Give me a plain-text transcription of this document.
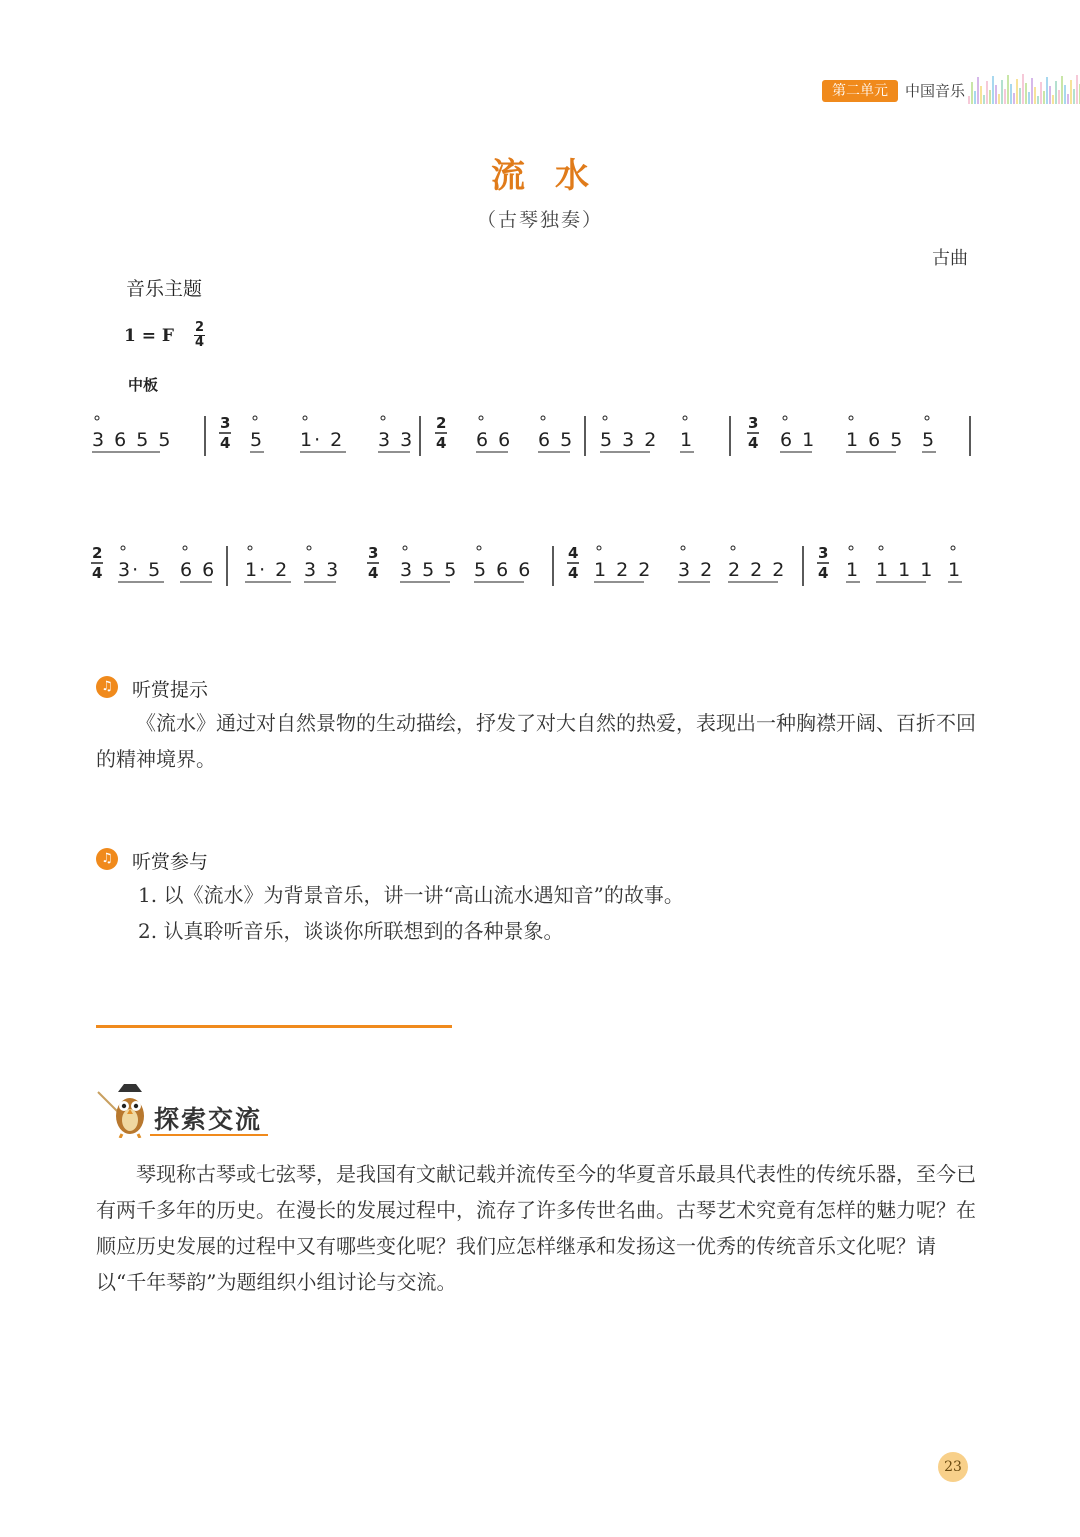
第二单元	中国音乐
流水
（古琴独奏）
古曲
音乐主题
1 = F $\frac{2}{4}$
中板
3 6 5 5
3
4 5 1· 2 3 3
2
4 6 6 6 5 5 3 2 1
3
4 6 1 1 6 5 5
2
4 3· 5 6 6 1· 2 3 3
3
4 3 5 5 5 6 6
4
4 1 2 2 3 2 2 2 2
3
4 1 1 1 1 1
♫ 听赏提示
《流水》通过对自然景物的生动描绘，抒发了对大自然的热爱，表现出一种胸襟开阔、百折不回的精神境界。
♫ 听赏参与
1. 以《流水》为背景音乐，讲一讲“高山流水遇知音”的故事。
2. 认真聆听音乐，谈谈你所联想到的各种景象。
探索交流
琴现称古琴或七弦琴，是我国有文献记载并流传至今的华夏音乐最具代表性的传统乐器，至今已有两千多年的历史。在漫长的发展过程中，流存了许多传世名曲。古琴艺术究竟有怎样的魅力呢？在顺应历史发展的过程中又有哪些变化呢？我们应怎样继承和发扬这一优秀的传统音乐文化呢？请以“千年琴韵”为题组织小组讨论与交流。
23
